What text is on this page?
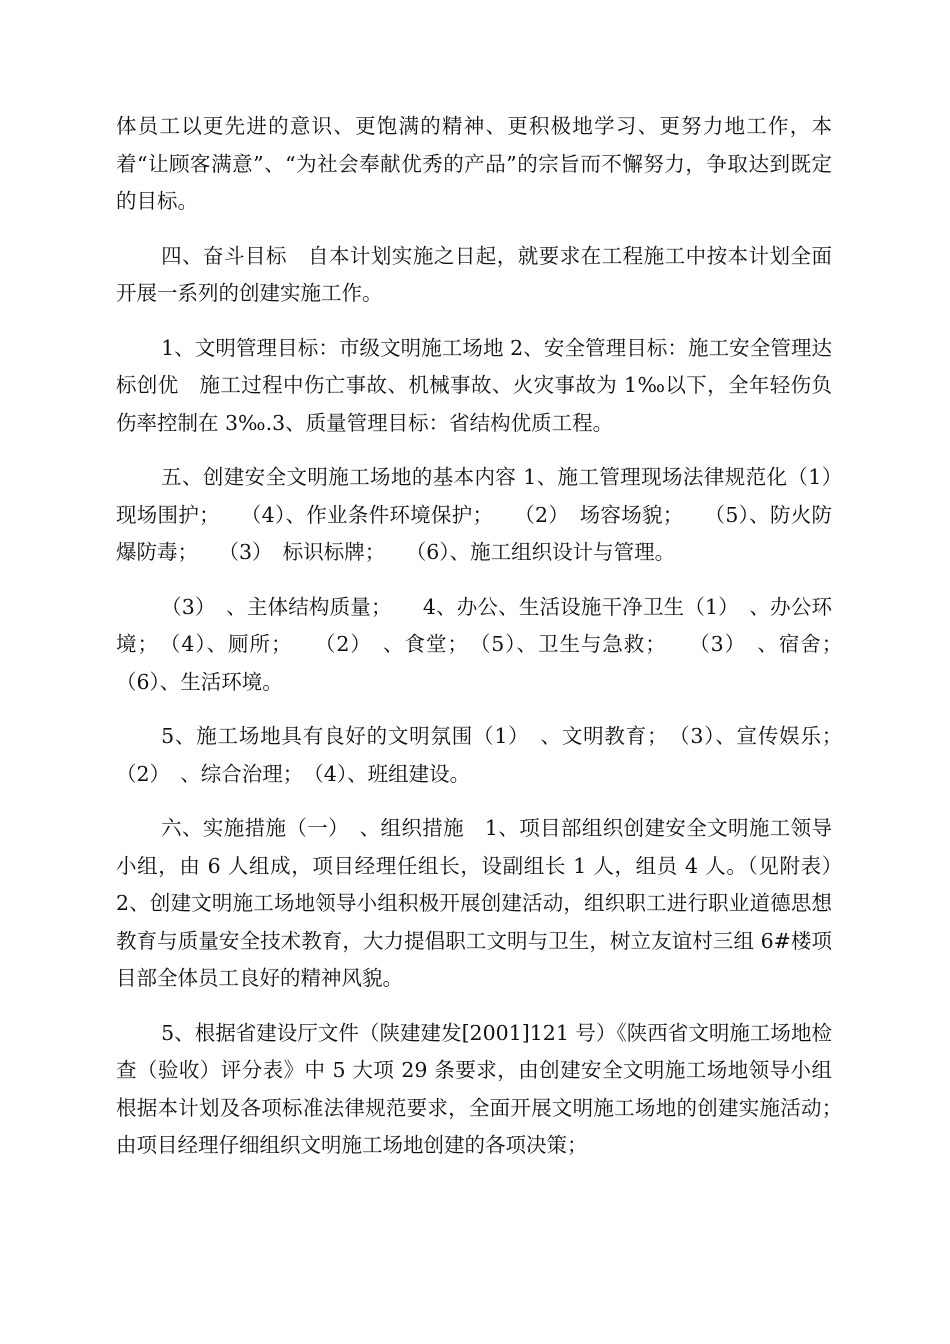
体员工以更先进的意识、更饱满的精神、更积极地学习、更努力地工作，本着“让顾客满意”、“为社会奉献优秀的产品”的宗旨而不懈努力，争取达到既定的目标。

四、奋斗目标　自本计划实施之日起，就要求在工程施工中按本计划全面开展一系列的创建实施工作。

1、文明管理目标：市级文明施工场地 2、安全管理目标：施工安全管理达标创优　施工过程中伤亡事故、机械事故、火灾事故为 1‰以下，全年轻伤负伤率控制在 3‰.3、质量管理目标：省结构优质工程。

五、创建安全文明施工场地的基本内容 1、施工管理现场法律规范化（1）　现场围护；　　（4）、作业条件环境保护；　　（2）　场容场貌；　　（5）、防火防爆防毒；　　（3）　标识标牌；　　（6）、施工组织设计与管理。

（3）　、主体结构质量；　　4、办公、生活设施干净卫生（1）　、办公环境；　（4）、厕所；　　（2）　、食堂；　（5）、卫生与急救；　　（3）　、宿舍；　（6）、生活环境。

5、施工场地具有良好的文明氛围（1）　、文明教育；　（3）、宣传娱乐；　　（2）　、综合治理；　（4）、班组建设。

六、实施措施（一）　、组织措施　1、项目部组织创建安全文明施工领导小组，由 6 人组成，项目经理任组长，设副组长 1 人，组员 4 人。（见附表）　　2、创建文明施工场地领导小组积极开展创建活动，组织职工进行职业道德思想教育与质量安全技术教育，大力提倡职工文明与卫生，树立友谊村三组 6#楼项目部全体员工良好的精神风貌。

5、根据省建设厅文件（陕建建发[2001]121 号）《陕西省文明施工场地检查（验收）评分表》中 5 大项 29 条要求，由创建安全文明施工场地领导小组根据本计划及各项标准法律规范要求，全面开展文明施工场地的创建实施活动；　由项目经理仔细组织文明施工场地创建的各项决策；
